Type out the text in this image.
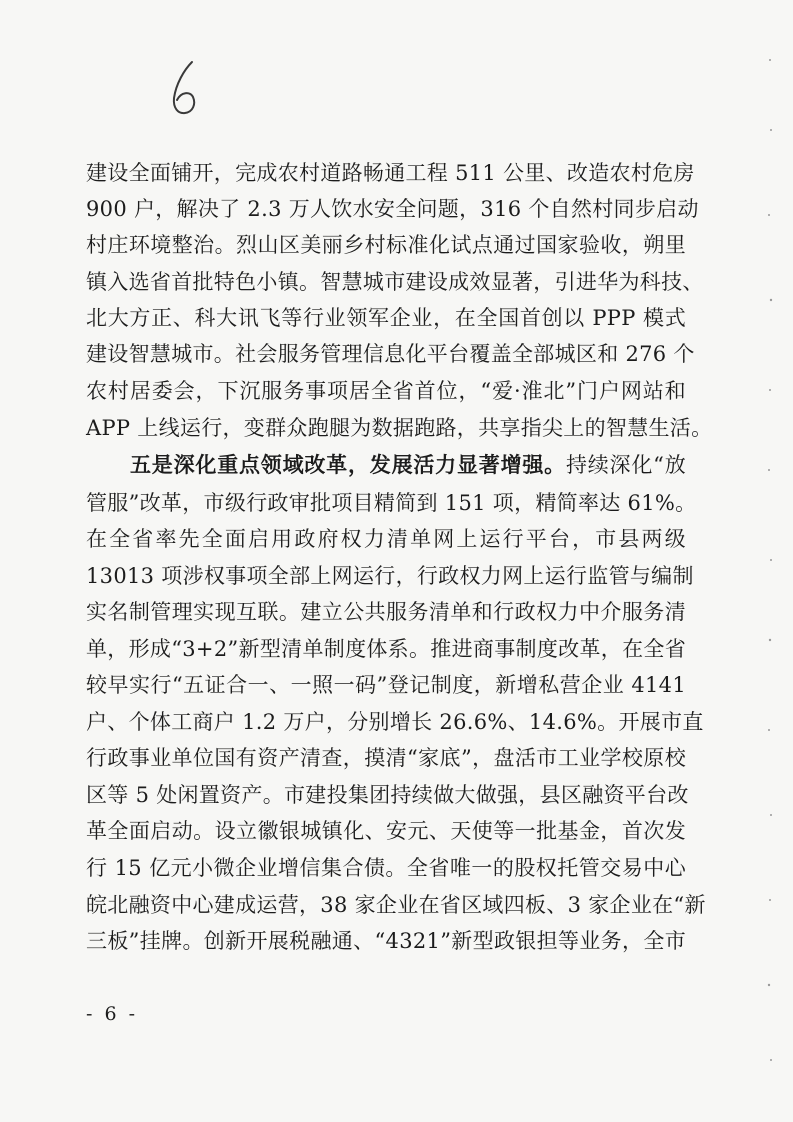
建设全面铺开，完成农村道路畅通工程 511 公里、改造农村危房
900 户，解决了 2.3 万人饮水安全问题，316 个自然村同步启动
村庄环境整治。烈山区美丽乡村标准化试点通过国家验收，朔里
镇入选省首批特色小镇。智慧城市建设成效显著，引进华为科技、
北大方正、科大讯飞等行业领军企业，在全国首创以 PPP 模式
建设智慧城市。社会服务管理信息化平台覆盖全部城区和 276 个
农村居委会，下沉服务事项居全省首位，“爱·淮北”门户网站和
APP 上线运行，变群众跑腿为数据跑路，共享指尖上的智慧生活。
五是深化重点领域改革，发展活力显著增强。持续深化“放
管服”改革，市级行政审批项目精简到 151 项，精简率达 61%。
在全省率先全面启用政府权力清单网上运行平台，市县两级
13013 项涉权事项全部上网运行，行政权力网上运行监管与编制
实名制管理实现互联。建立公共服务清单和行政权力中介服务清
单，形成“3+2”新型清单制度体系。推进商事制度改革，在全省
较早实行“五证合一、一照一码”登记制度，新增私营企业 4141
户、个体工商户 1.2 万户，分别增长 26.6%、14.6%。开展市直
行政事业单位国有资产清查，摸清“家底”，盘活市工业学校原校
区等 5 处闲置资产。市建投集团持续做大做强，县区融资平台改
革全面启动。设立徽银城镇化、安元、天使等一批基金，首次发
行 15 亿元小微企业增信集合债。全省唯一的股权托管交易中心
皖北融资中心建成运营，38 家企业在省区域四板、3 家企业在“新
三板”挂牌。创新开展税融通、“4321”新型政银担等业务，全市
- 6 -
